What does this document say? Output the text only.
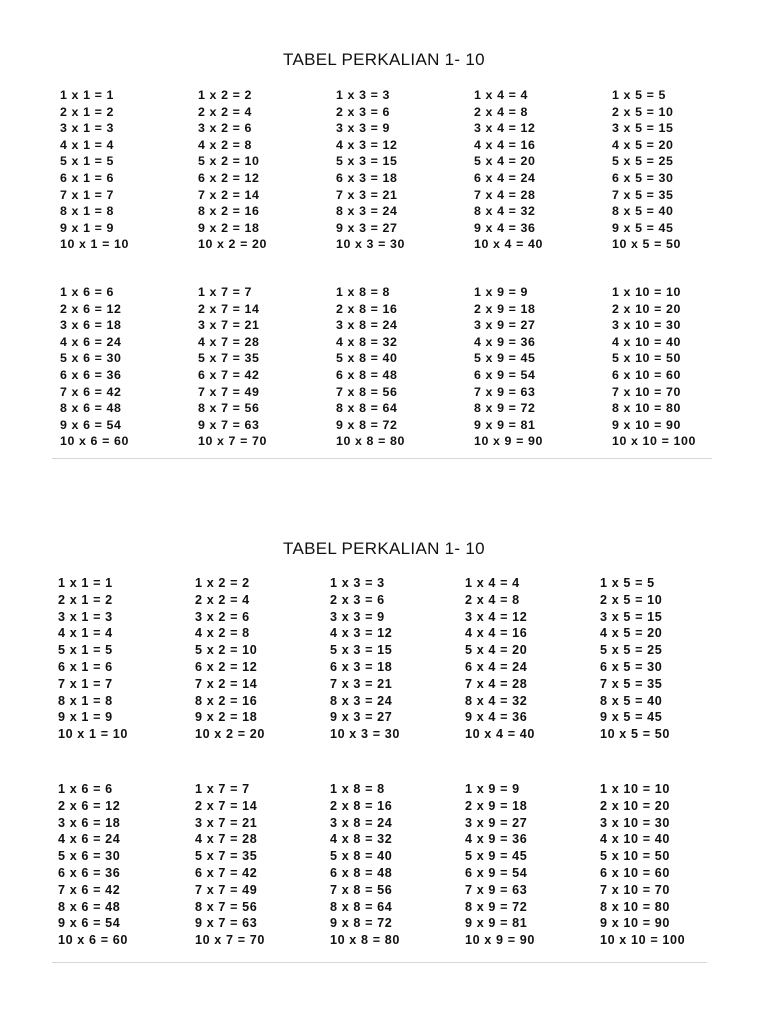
TABEL PERKALIAN 1- 10
1 x 1 = 1
2 x 1 = 2
3 x 1 = 3
4 x 1 = 4
5 x 1 = 5
6 x 1 = 6
7 x 1 = 7
8 x 1 = 8
9 x 1 = 9
10 x 1 = 10
1 x 2 = 2
2 x 2 = 4
3 x 2 = 6
4 x 2 = 8
5 x 2 = 10
6 x 2 = 12
7 x 2 = 14
8 x 2 = 16
9 x 2 = 18
10 x 2 = 20
1 x 3 = 3
2 x 3 = 6
3 x 3 = 9
4 x 3 = 12
5 x 3 = 15
6 x 3 = 18
7 x 3 = 21
8 x 3 = 24
9 x 3 = 27
10 x 3 = 30
1 x 4 = 4
2 x 4 = 8
3 x 4 = 12
4 x 4 = 16
5 x 4 = 20
6 x 4 = 24
7 x 4 = 28
8 x 4 = 32
9 x 4 = 36
10 x 4 = 40
1 x 5 = 5
2 x 5 = 10
3 x 5 = 15
4 x 5 = 20
5 x 5 = 25
6 x 5 = 30
7 x 5 = 35
8 x 5 = 40
9 x 5 = 45
10 x 5 = 50
1 x 6 = 6
2 x 6 = 12
3 x 6 = 18
4 x 6 = 24
5 x 6 = 30
6 x 6 = 36
7 x 6 = 42
8 x 6 = 48
9 x 6 = 54
10 x 6 = 60
1 x 7 = 7
2 x 7 = 14
3 x 7 = 21
4 x 7 = 28
5 x 7 = 35
6 x 7 = 42
7 x 7 = 49
8 x 7 = 56
9 x 7 = 63
10 x 7 = 70
1 x 8 = 8
2 x 8 = 16
3 x 8 = 24
4 x 8 = 32
5 x 8 = 40
6 x 8 = 48
7 x 8 = 56
8 x 8 = 64
9 x 8 = 72
10 x 8 = 80
1 x 9 = 9
2 x 9 = 18
3 x 9 = 27
4 x 9 = 36
5 x 9 = 45
6 x 9 = 54
7 x 9 = 63
8 x 9 = 72
9 x 9 = 81
10 x 9 = 90
1 x 10 = 10
2 x 10 = 20
3 x 10 = 30
4 x 10 = 40
5 x 10 = 50
6 x 10 = 60
7 x 10 = 70
8 x 10 = 80
9 x 10 = 90
10 x 10 = 100
TABEL PERKALIAN 1- 10
1 x 1 = 1
2 x 1 = 2
3 x 1 = 3
4 x 1 = 4
5 x 1 = 5
6 x 1 = 6
7 x 1 = 7
8 x 1 = 8
9 x 1 = 9
10 x 1 = 10
1 x 2 = 2
2 x 2 = 4
3 x 2 = 6
4 x 2 = 8
5 x 2 = 10
6 x 2 = 12
7 x 2 = 14
8 x 2 = 16
9 x 2 = 18
10 x 2 = 20
1 x 3 = 3
2 x 3 = 6
3 x 3 = 9
4 x 3 = 12
5 x 3 = 15
6 x 3 = 18
7 x 3 = 21
8 x 3 = 24
9 x 3 = 27
10 x 3 = 30
1 x 4 = 4
2 x 4 = 8
3 x 4 = 12
4 x 4 = 16
5 x 4 = 20
6 x 4 = 24
7 x 4 = 28
8 x 4 = 32
9 x 4 = 36
10 x 4 = 40
1 x 5 = 5
2 x 5 = 10
3 x 5 = 15
4 x 5 = 20
5 x 5 = 25
6 x 5 = 30
7 x 5 = 35
8 x 5 = 40
9 x 5 = 45
10 x 5 = 50
1 x 6 = 6
2 x 6 = 12
3 x 6 = 18
4 x 6 = 24
5 x 6 = 30
6 x 6 = 36
7 x 6 = 42
8 x 6 = 48
9 x 6 = 54
10 x 6 = 60
1 x 7 = 7
2 x 7 = 14
3 x 7 = 21
4 x 7 = 28
5 x 7 = 35
6 x 7 = 42
7 x 7 = 49
8 x 7 = 56
9 x 7 = 63
10 x 7 = 70
1 x 8 = 8
2 x 8 = 16
3 x 8 = 24
4 x 8 = 32
5 x 8 = 40
6 x 8 = 48
7 x 8 = 56
8 x 8 = 64
9 x 8 = 72
10 x 8 = 80
1 x 9 = 9
2 x 9 = 18
3 x 9 = 27
4 x 9 = 36
5 x 9 = 45
6 x 9 = 54
7 x 9 = 63
8 x 9 = 72
9 x 9 = 81
10 x 9 = 90
1 x 10 = 10
2 x 10 = 20
3 x 10 = 30
4 x 10 = 40
5 x 10 = 50
6 x 10 = 60
7 x 10 = 70
8 x 10 = 80
9 x 10 = 90
10 x 10 = 100
